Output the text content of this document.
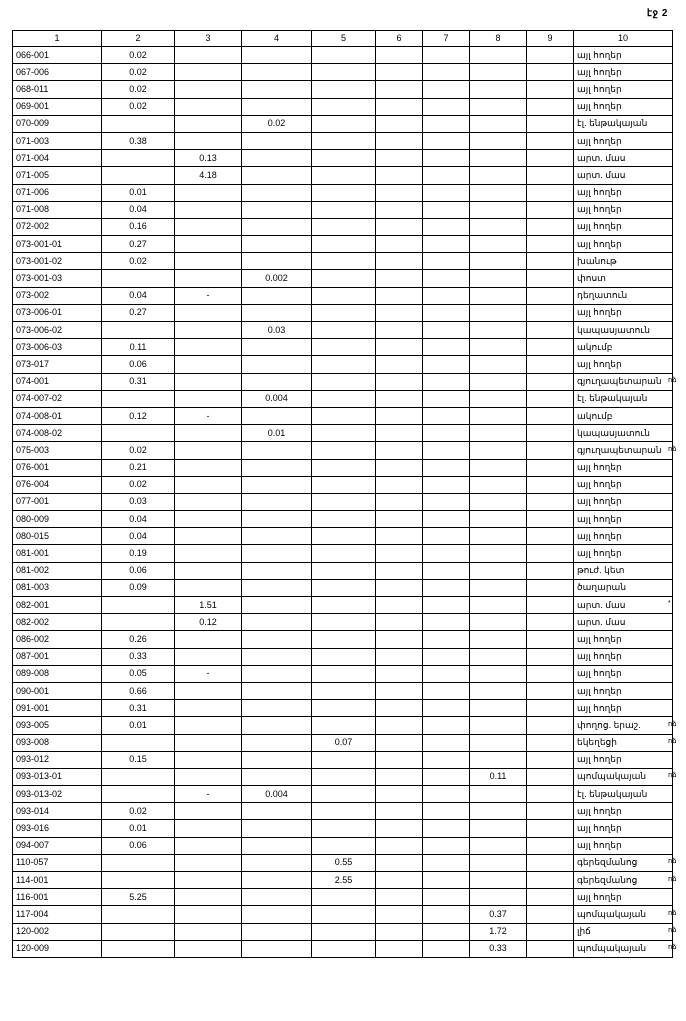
էջ 2
1	2	3	4	5	6	7	8	9	10
066-001	0.02								այլ հողեր
067-006	0.02								այլ հողեր
068-011	0.02								այլ հողեր
069-001	0.02								այլ հողեր
070-009			0.02						էլ. ենթակայան
071-003	0.38								այլ հողեր
071-004		0.13							արտ. մաս
071-005		4.18							արտ. մաս
071-006	0.01								այլ հողեր
071-008	0.04								այլ հողեր
072-002	0.16								այլ հողեր
073-001-01	0.27								այլ հողեր
073-001-02	0.02								խանութ
073-001-03			0.002						փոստ
073-002	0.04	-							դեղատուն
073-006-01	0.27								այլ հողեր
073-006-02			0.03						կապասյատուն
073-006-03	0.11								ակումբ
073-017	0.06								այլ հողեր
074-001	0.31								գյուղապետարան
074-007-02			0.004						էլ. ենթակայան
074-008-01	0.12	-							ակումբ
074-008-02			0.01						կապասյատուն
075-003	0.02								գյուղապետարան
076-001	0.21								այլ հողեր
076-004	0.02								այլ հողեր
077-001	0.03								այլ հողեր
080-009	0.04								այլ հողեր
080-015	0.04								այլ հողեր
081-001	0.19								այլ հողեր
081-002	0.06								թուժ. կետ
081-003	0.09								ծաղարան
082-001		1.51							արտ. մաս
082-002		0.12							արտ. մաս
086-002	0.26								այլ հողեր
087-001	0.33								այլ հողեր
089-008	0.05	-							այլ հողեր
090-001	0.66								այլ հողեր
091-001	0.31								այլ հողեր
093-005	0.01								փողոց. երաշ.
093-008				0.07					եկեղեցի
093-012	0.15								այլ հողեր
093-013-01							0.11		պոմպակայան
093-013-02		-	0.004						էլ. ենթակայան
093-014	0.02								այլ հողեր
093-016	0.01								այլ հողեր
094-007	0.06								այլ հողեր
110-057				0.55					գերեզմանոց
114-001				2.55					գերեզմանոց
116-001	5.25								այլ հողեր
117-004							0.37		պոմպակայան
120-002							1.72		լիճ
120-009							0.33		պոմպակայան
ոձ
ոձ
*
ոձ
ոձ
ոձ
ոձ
ոձ
ոձ
ոձ
ոձ
